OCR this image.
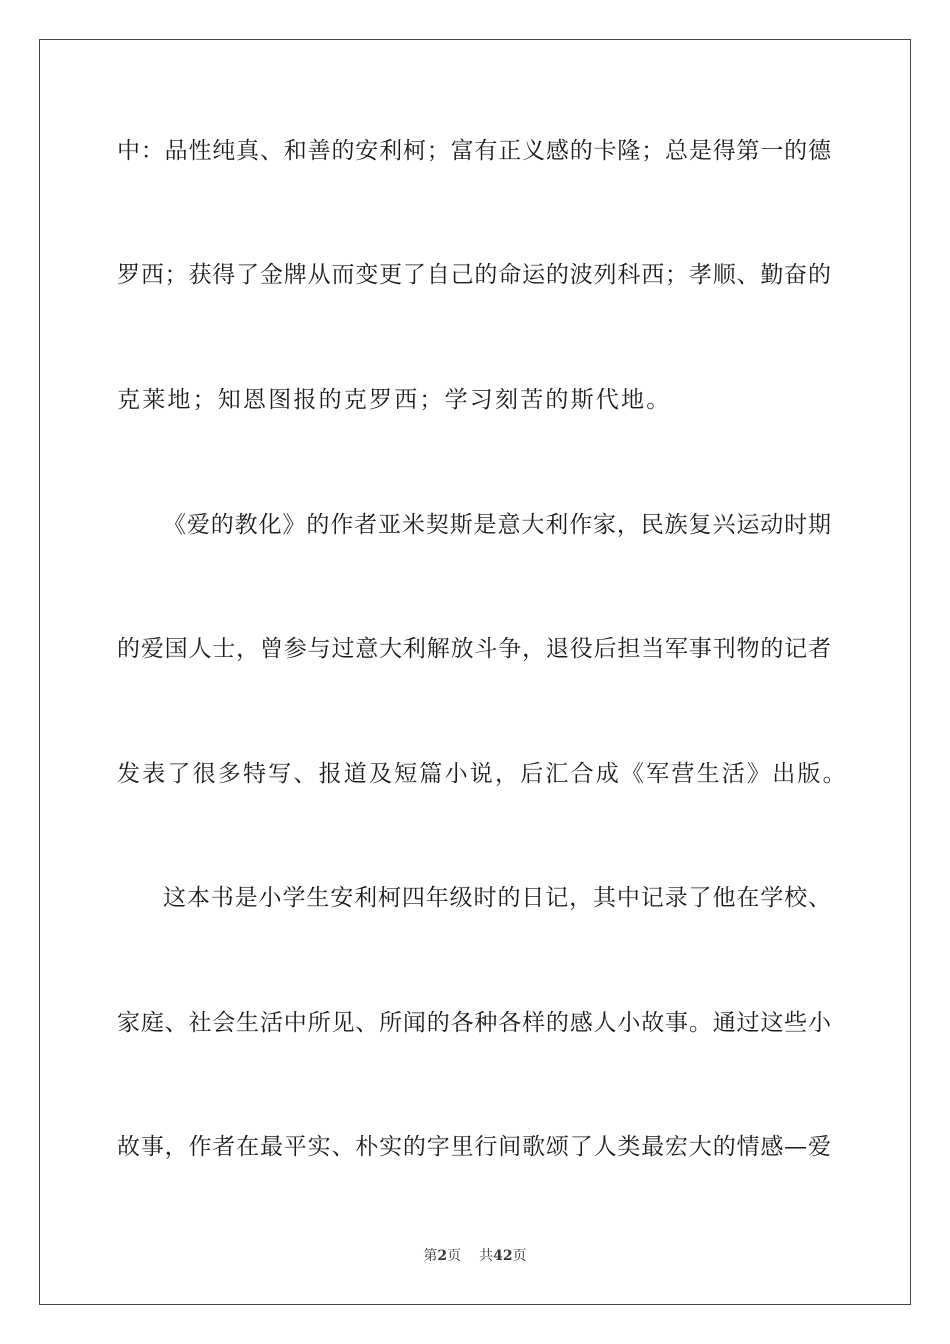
中：品性纯真、和善的安利柯；富有正义感的卡隆；总是得第一的德
罗西；获得了金牌从而变更了自己的命运的波列科西；孝顺、勤奋的
克莱地；知恩图报的克罗西；学习刻苦的斯代地。
《爱的教化》的作者亚米契斯是意大利作家，民族复兴运动时期
的爱国人士，曾参与过意大利解放斗争，退役后担当军事刊物的记者
发表了很多特写、报道及短篇小说，后汇合成《军营生活》出版。
这本书是小学生安利柯四年级时的日记，其中记录了他在学校、
家庭、社会生活中所见、所闻的各种各样的感人小故事。通过这些小
故事，作者在最平实、朴实的字里行间歌颂了人类最宏大的情感—爱
第2页 共42页
